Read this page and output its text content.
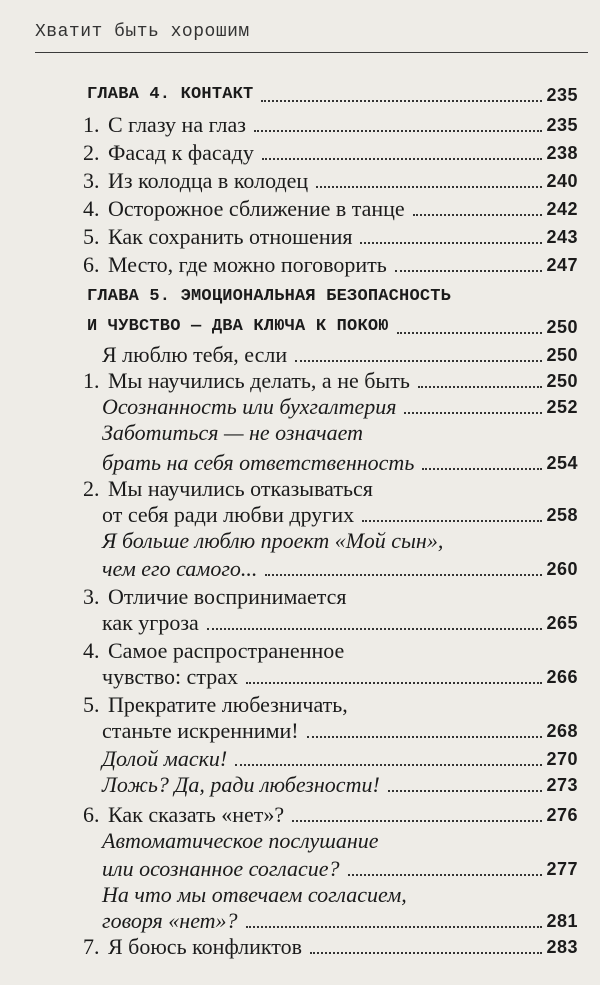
Хватит быть хорошим
ГЛАВА 4. КОНТАКТ	235
1. С глазу на глаз	235
2. Фасад к фасаду	238
3. Из колодца в колодец	240
4. Осторожное сближение в танце	242
5. Как сохранить отношения	243
6. Место, где можно поговорить	247
ГЛАВА 5. ЭМОЦИОНАЛЬНАЯ БЕЗОПАСНОСТЬ
И ЧУВСТВО — ДВА КЛЮЧА К ПОКОЮ	250
Я люблю тебя, если	250
1. Мы научились делать, а не быть	250
Осознанность или бухгалтерия	252
Заботиться — не означает
брать на себя ответственность	254
2. Мы научились отказываться
от себя ради любви других	258
Я больше люблю проект «Мой сын»,
чем его самого...	260
3. Отличие воспринимается
как угроза	265
4. Самое распространенное
чувство: страх	266
5. Прекратите любезничать,
станьте искренними!	268
Долой маски!	270
Ложь? Да, ради любезности!	273
6. Как сказать «нет»?	276
Автоматическое послушание
или осознанное согласие?	277
На что мы отвечаем согласием,
говоря «нет»?	281
7. Я боюсь конфликтов	283
